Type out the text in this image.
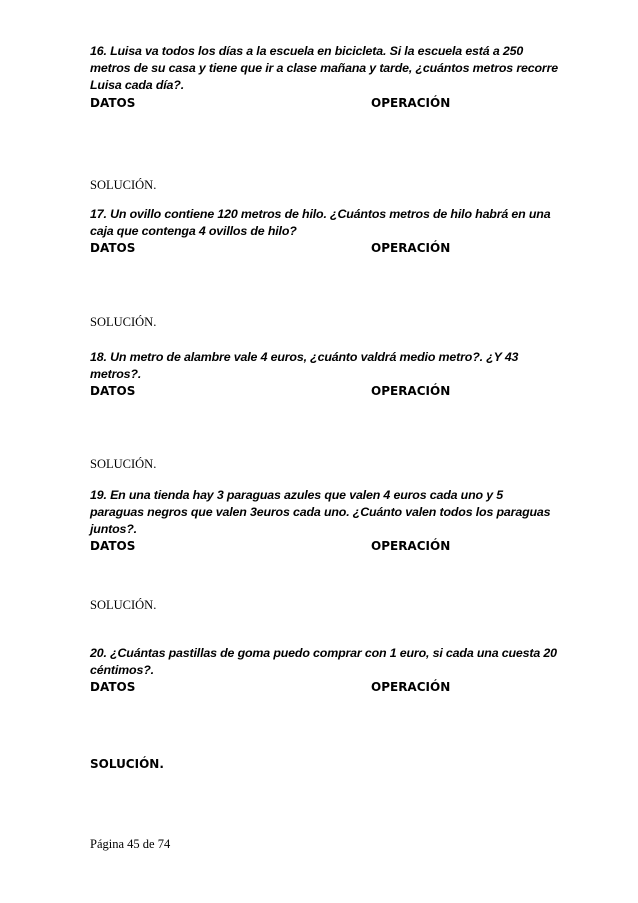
16. Luisa va todos los días a la escuela en bicicleta. Si la escuela está a 250 metros de su casa y tiene que ir a clase mañana y tarde, ¿cuántos metros recorre Luisa cada día?.

DATOS	OPERACIÓN
SOLUCIÓN.

17. Un ovillo contiene 120 metros de hilo. ¿Cuántos metros de hilo habrá en una caja que contenga 4 ovillos de hilo?

DATOS	OPERACIÓN
SOLUCIÓN.

18. Un metro de alambre vale 4 euros, ¿cuánto valdrá medio metro?. ¿Y 43 metros?.

DATOS	OPERACIÓN
SOLUCIÓN.

19. En una tienda hay 3 paraguas azules que valen 4 euros cada uno y 5 paraguas negros que valen 3euros cada uno. ¿Cuánto valen todos los paraguas juntos?.

DATOS	OPERACIÓN
SOLUCIÓN.

20. ¿Cuántas pastillas de goma puedo comprar con 1 euro, si cada una cuesta 20 céntimos?.

DATOS	OPERACIÓN
SOLUCIÓN.
Página 45 de 74
